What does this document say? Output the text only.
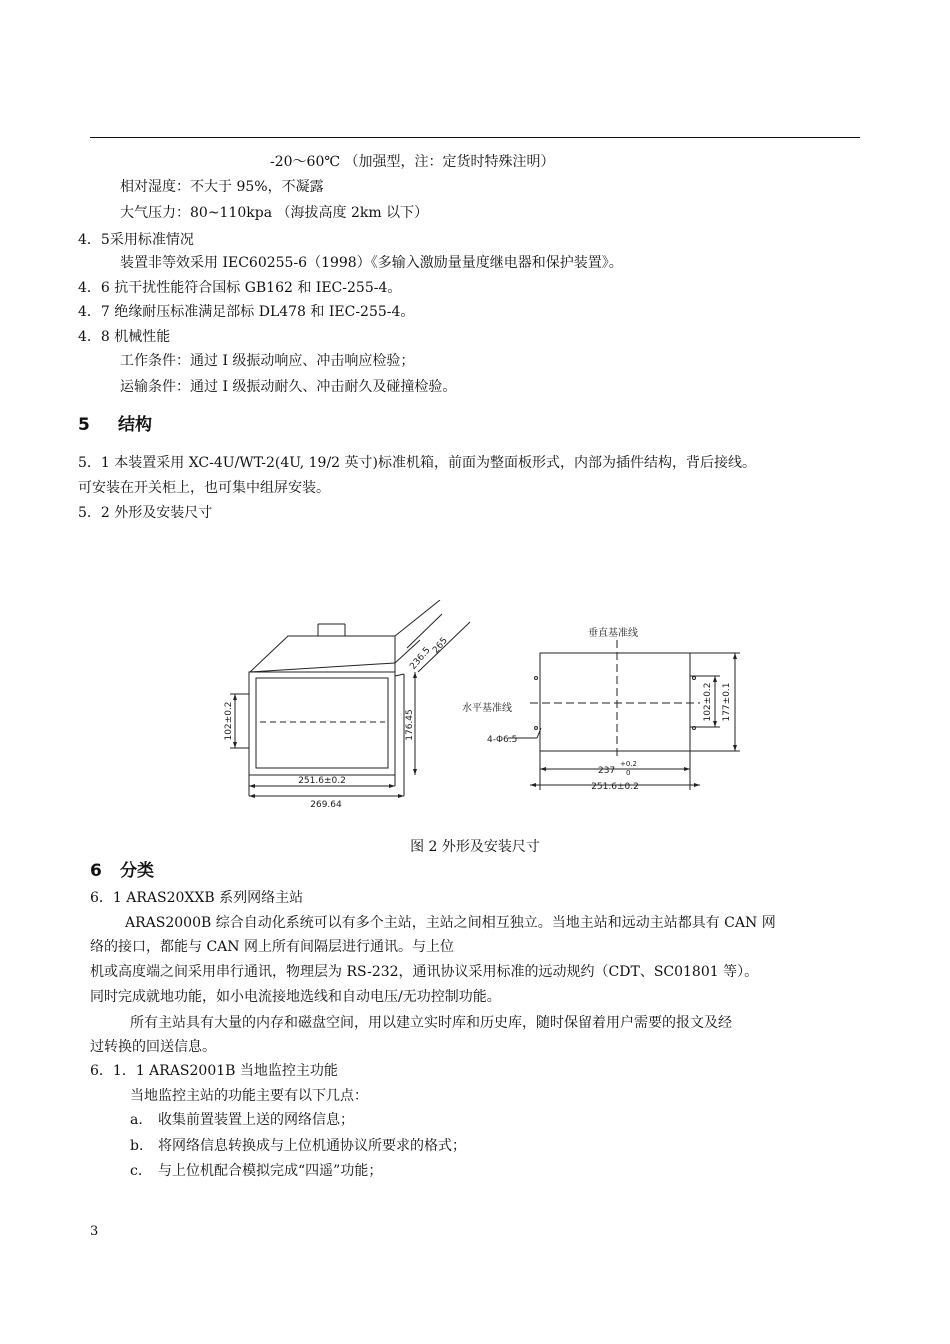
-20～60℃ （加强型，注：定货时特殊注明）
相对湿度：不大于 95%，不凝露
大气压力：80~110kpa （海拔高度 2km 以下）
4．5采用标准情况
装置非等效采用 IEC60255-6（1998）《多输入激励量量度继电器和保护装置》。
4．6 抗干扰性能符合国标 GB162 和 IEC-255-4。
4．7 绝缘耐压标准满足部标 DL478 和 IEC-255-4。
4．8 机械性能
工作条件：通过 I 级振动响应、冲击响应检验；
运输条件：通过 I 级振动耐久、冲击耐久及碰撞检验。
5 结构
5．1 本装置采用 XC-4U/WT-2(4U, 19/2 英寸)标准机箱，前面为整面板形式，内部为插件结构，背后接线。
可安装在开关柜上，也可集中组屏安装。
5．2 外形及安装尺寸
102±0.2	176.45
251.6±0.2
269.64
236.5
265
垂直基准线
水平基准线
4-Φ6.5
237
+0.2
0
251.6±0.2
102±0.2 177±0.1
图 2 外形及安装尺寸
6 分类
6．1 ARAS20XXB 系列网络主站
ARAS2000B 综合自动化系统可以有多个主站，主站之间相互独立。当地主站和远动主站都具有 CAN 网
络的接口，都能与 CAN 网上所有间隔层进行通讯。与上位
机或高度端之间采用串行通讯，物理层为 RS-232，通讯协议采用标准的远动规约（CDT、SC01801 等）。
同时完成就地功能，如小电流接地选线和自动电压/无功控制功能。
所有主站具有大量的内存和磁盘空间，用以建立实时库和历史库，随时保留着用户需要的报文及经
过转换的回送信息。
6．1．1 ARAS2001B 当地监控主功能
当地监控主站的功能主要有以下几点：
a. 收集前置装置上送的网络信息；
b. 将网络信息转换成与上位机通协议所要求的格式；
c. 与上位机配合模拟完成“四遥”功能；
3
